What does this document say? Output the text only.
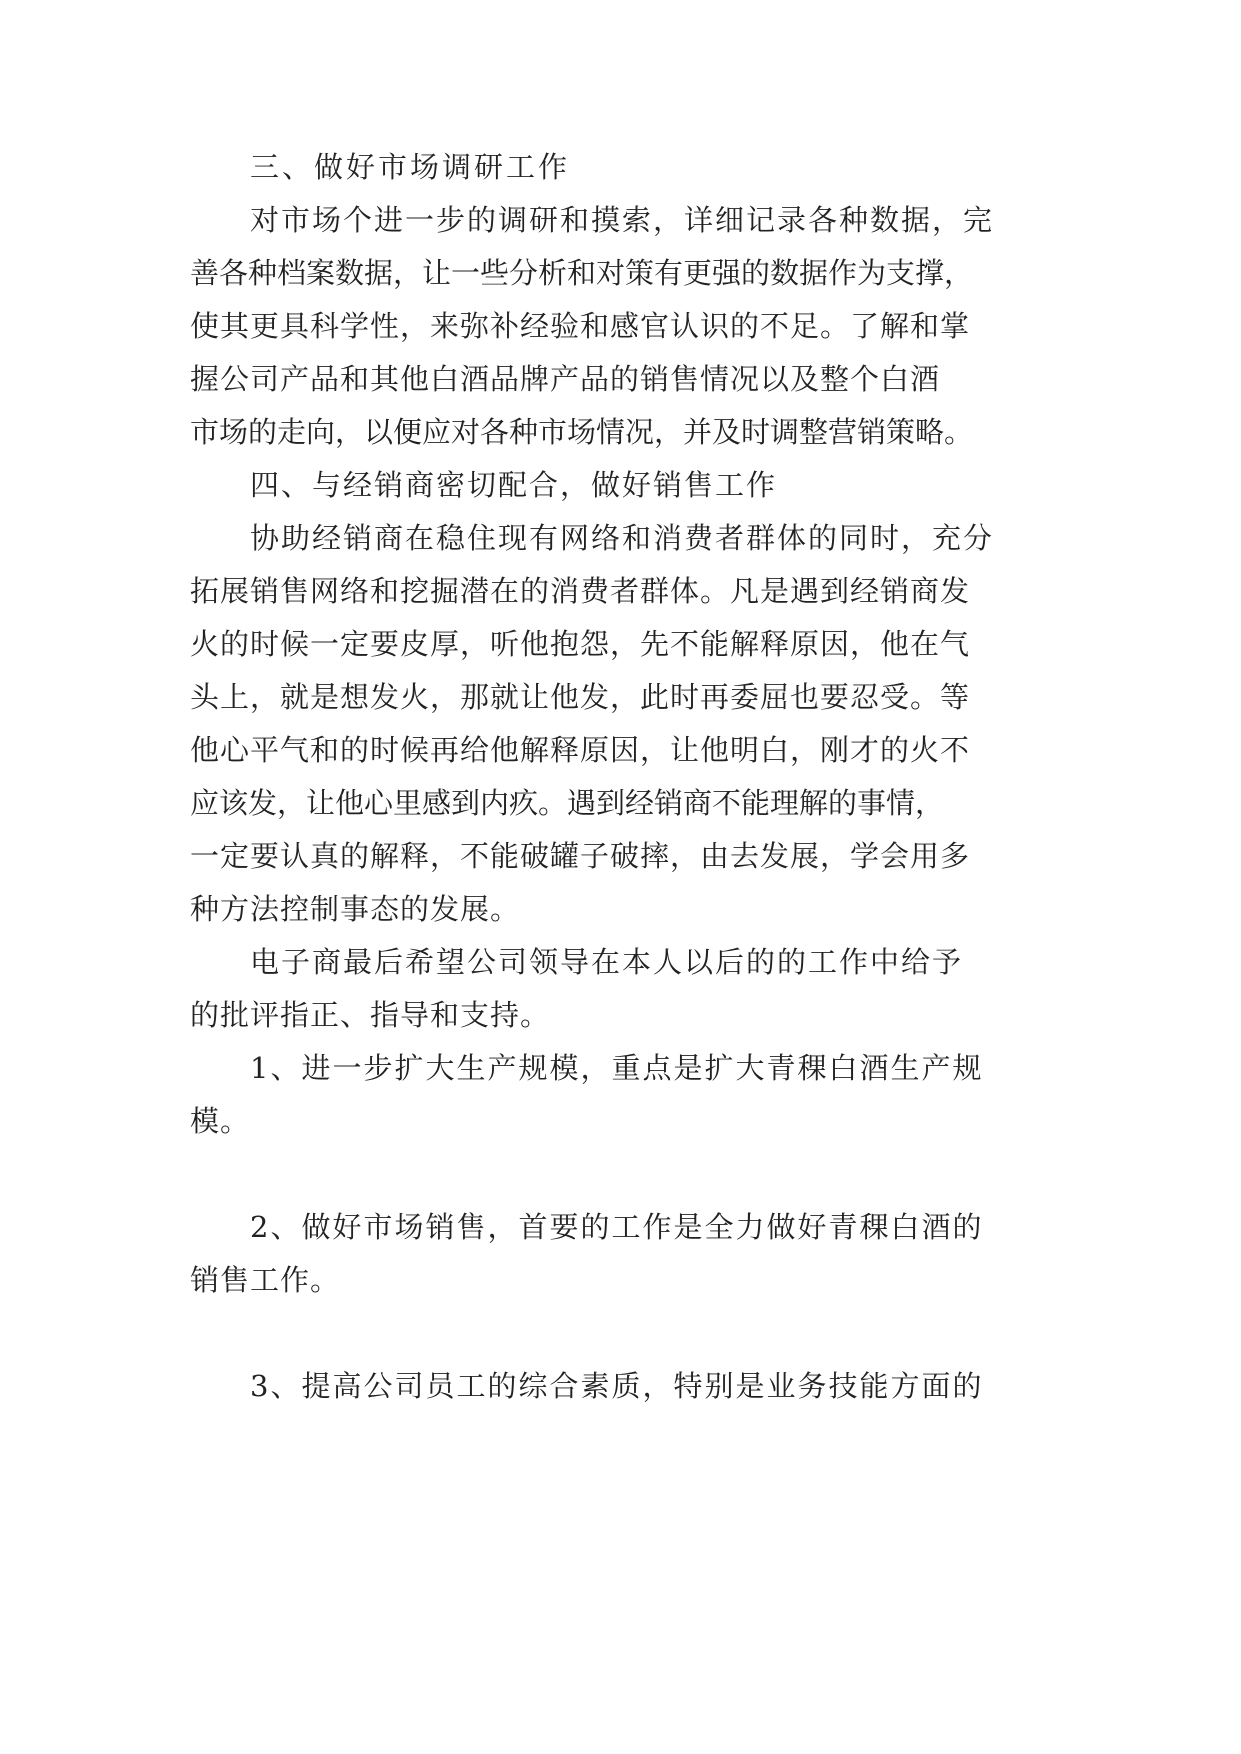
三、做好市场调研工作
对市场个进一步的调研和摸索，详细记录各种数据，完
善各种档案数据，让一些分析和对策有更强的数据作为支撑，
使其更具科学性，来弥补经验和感官认识的不足。了解和掌
握公司产品和其他白酒品牌产品的销售情况以及整个白酒
市场的走向，以便应对各种市场情况，并及时调整营销策略。
四、与经销商密切配合，做好销售工作
协助经销商在稳住现有网络和消费者群体的同时，充分
拓展销售网络和挖掘潜在的消费者群体。凡是遇到经销商发
火的时候一定要皮厚，听他抱怨，先不能解释原因，他在气
头上，就是想发火，那就让他发，此时再委屈也要忍受。等
他心平气和的时候再给他解释原因，让他明白，刚才的火不
应该发，让他心里感到内疚。遇到经销商不能理解的事情，
一定要认真的解释，不能破罐子破摔，由去发展，学会用多
种方法控制事态的发展。
电子商最后希望公司领导在本人以后的的工作中给予
的批评指正、指导和支持。
1、进一步扩大生产规模，重点是扩大青稞白酒生产规
模。
2、做好市场销售，首要的工作是全力做好青稞白酒的
销售工作。
3、提高公司员工的综合素质，特别是业务技能方面的
